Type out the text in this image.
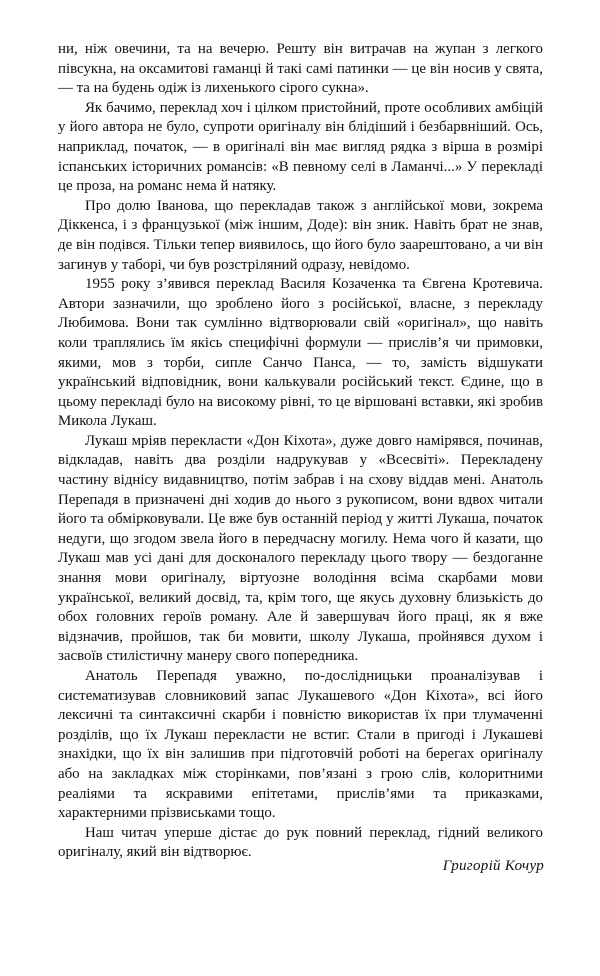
ни, ніж овечини, та на вечерю. Решту він витрачав на жупан з легкого півсукна, на оксамитові гаманці й такі самі патинки — це він носив у свята, — та на будень одіж із лихенького сірого сукна».

Як бачимо, переклад хоч і цілком пристойний, проте особливих амбіцій у його автора не було, супроти оригіналу він блідіший і безбарвніший. Ось, наприклад, початок, — в оригіналі він має вигляд рядка з вірша в розмірі іспанських історичних романсів: «В певному селі в Ламанчі...» У перекладі це проза, на романс нема й натяку.

Про долю Іванова, що перекладав також з англійської мови, зокрема Діккенса, і з французької (між іншим, Доде): він зник. Навіть брат не знав, де він подівся. Тільки тепер виявилось, що його було заарештовано, а чи він загинув у таборі, чи був розстріляний одразу, невідомо.

1955 року з’явився переклад Василя Козаченка та Євгена Кротевича. Автори зазначили, що зроблено його з російської, власне, з перекладу Любимова. Вони так сумлінно відтворювали свій «оригінал», що навіть коли траплялись їм якісь специфічні формули — прислів’я чи примовки, якими, мов з торби, сипле Санчо Панса, — то, замість відшукати український відповідник, вони калькували російський текст. Єдине, що в цьому перекладі було на високому рівні, то це віршовані вставки, які зробив Микола Лукаш.

Лукаш мріяв перекласти «Дон Кіхота», дуже довго намірявся, починав, відкладав, навіть два розділи надрукував у «Всесвіті». Перекладену частину віднісу видавництво, потім забрав і на схову віддав мені. Анатоль Перепадя в призначені дні ходив до нього з рукописом, вони вдвох читали його та обмірковували. Це вже був останній період у житті Лукаша, початок недуги, що згодом звела його в передчасну могилу. Нема чого й казати, що Лукаш мав усі дані для досконалого перекладу цього твору — бездоганне знання мови оригіналу, віртуозне володіння всіма скарбами мови української, великий досвід, та, крім того, ще якусь духовну близькість до обох головних героїв роману. Але й завершувач його праці, як я вже відзначив, пройшов, так би мовити, школу Лукаша, пройнявся духом і засвоїв стилістичну манеру свого попередника.

Анатоль Перепадя уважно, по-дослідницьки проаналізував і систематизував словниковий запас Лукашевого «Дон Кіхота», всі його лексичні та синтаксичні скарби і повністю використав їх при тлумаченні розділів, що їх Лукаш перекласти не встиг. Стали в пригоді і Лукашеві знахідки, що їх він залишив при підготовчій роботі на берегах оригіналу або на закладках між сторінками, пов’язані з грою слів, колоритними реаліями та яскравими епітетами, прислів’ями та приказками, характерними прізвиськами тощо.

Наш читач уперше дістає до рук повний переклад, гідний великого оригіналу, який він відтворює.

Григорій Кочур
